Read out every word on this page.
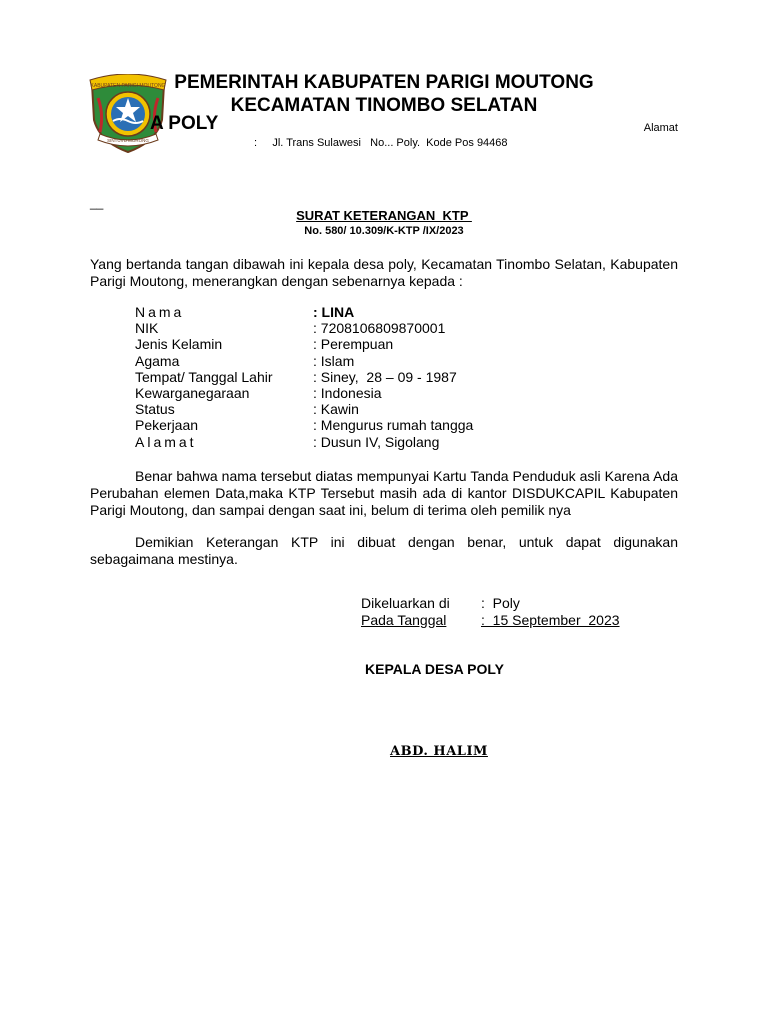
KABUPATEN PARIGI MOUTONG
SINTUVU MORONG
PEMERINTAH KABUPATEN PARIGI MOUTONG
KECAMATAN TINOMBO SELATAN
A POLY	Alamat
:     Jl. Trans Sulawesi   No... Poly.  Kode Pos 94468
__
SURAT KETERANGAN  KTP
No. 580/ 10.309/K-KTP /IX/2023
Yang bertanda tangan dibawah ini kepala desa poly, Kecamatan Tinombo Selatan, Kabupaten Parigi Moutong, menerangkan dengan sebenarnya kepada :
Nama	: LINA
NIK	: 7208106809870001
Jenis Kelamin	: Perempuan
Agama	: Islam
Tempat/ Tanggal Lahir	: Siney,  28 – 09 - 1987
Kewarganegaraan	: Indonesia
Status	: Kawin
Pekerjaan	: Mengurus rumah tangga
Alamat	: Dusun IV, Sigolang
Benar bahwa nama tersebut diatas mempunyai Kartu Tanda Penduduk asli Karena Ada Perubahan elemen Data,maka KTP Tersebut masih ada di kantor DISDUKCAPIL Kabupaten Parigi Moutong, dan sampai dengan saat ini, belum di terima oleh pemilik nya
Demikian Keterangan KTP ini dibuat dengan benar, untuk dapat digunakan sebagaimana mestinya.
Dikeluarkan di	:  Poly
Pada Tanggal	:  15 September  2023
KEPALA DESA POLY
ABD. HALIM
